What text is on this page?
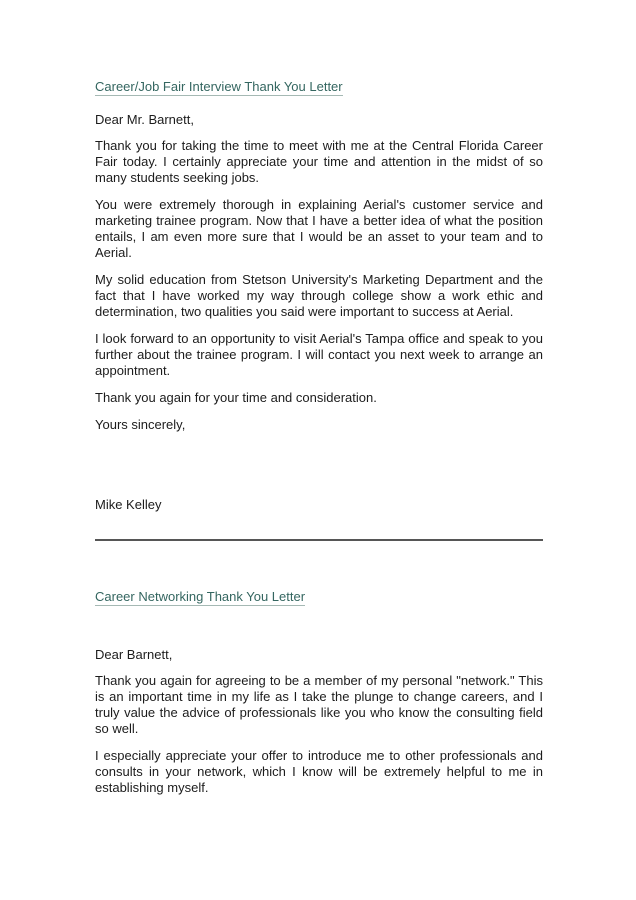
Career/Job Fair Interview Thank You Letter

Dear Mr. Barnett,

Thank you for taking the time to meet with me at the Central Florida Career Fair today. I certainly appreciate your time and attention in the midst of so many students seeking jobs.

You were extremely thorough in explaining Aerial's customer service and marketing trainee program. Now that I have a better idea of what the position entails, I am even more sure that I would be an asset to your team and to Aerial.

My solid education from Stetson University's Marketing Department and the fact that I have worked my way through college show a work ethic and determination, two qualities you said were important to success at Aerial.

I look forward to an opportunity to visit Aerial's Tampa office and speak to you further about the trainee program. I will contact you next week to arrange an appointment.

Thank you again for your time and consideration.

Yours sincerely,

Mike Kelley

Career Networking Thank You Letter

Dear Barnett,

Thank you again for agreeing to be a member of my personal "network." This is an important time in my life as I take the plunge to change careers, and I truly value the advice of professionals like you who know the consulting field so well.

I especially appreciate your offer to introduce me to other professionals and consults in your network, which I know will be extremely helpful to me in establishing myself.
